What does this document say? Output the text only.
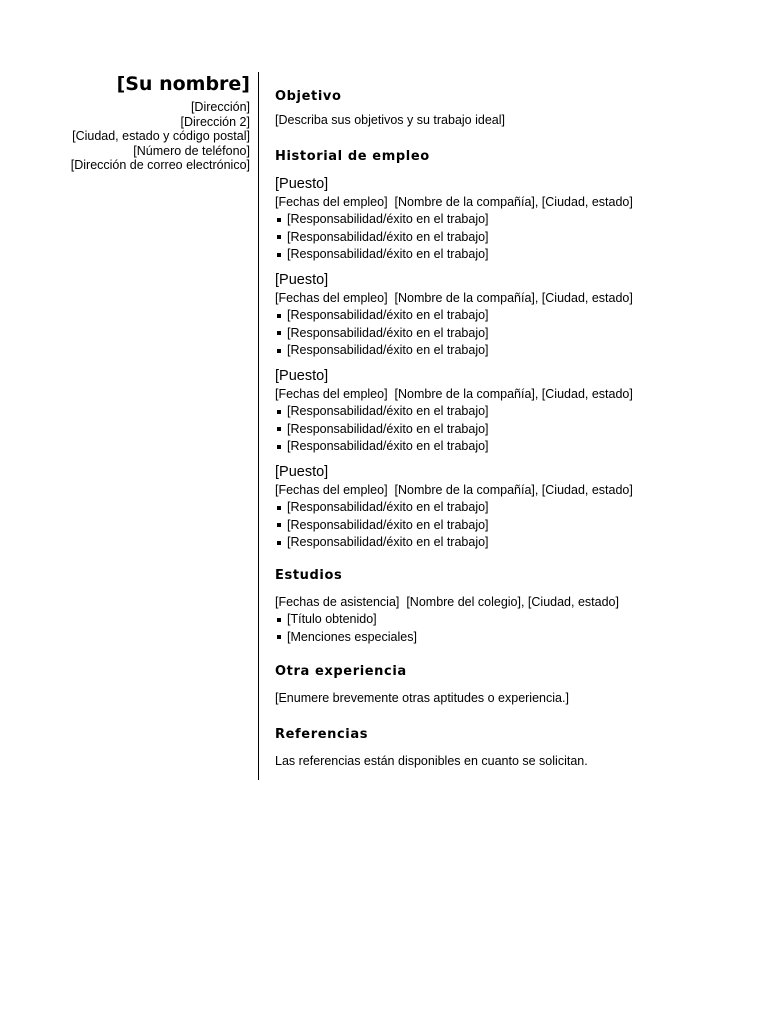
[Su nombre]
[Dirección]
[Dirección 2]
[Ciudad, estado y código postal]
[Número de teléfono]
[Dirección de correo electrónico]
Objetivo

[Describa sus objetivos y su trabajo ideal]

Historial de empleo

[Puesto]

[Fechas del empleo] [Nombre de la compañía], [Ciudad, estado]

[Responsabilidad/éxito en el trabajo]
[Responsabilidad/éxito en el trabajo]
[Responsabilidad/éxito en el trabajo]

[Puesto]

[Fechas del empleo] [Nombre de la compañía], [Ciudad, estado]

[Responsabilidad/éxito en el trabajo]
[Responsabilidad/éxito en el trabajo]
[Responsabilidad/éxito en el trabajo]

[Puesto]

[Fechas del empleo] [Nombre de la compañía], [Ciudad, estado]

[Responsabilidad/éxito en el trabajo]
[Responsabilidad/éxito en el trabajo]
[Responsabilidad/éxito en el trabajo]

[Puesto]

[Fechas del empleo] [Nombre de la compañía], [Ciudad, estado]

[Responsabilidad/éxito en el trabajo]
[Responsabilidad/éxito en el trabajo]
[Responsabilidad/éxito en el trabajo]
Estudios

[Fechas de asistencia] [Nombre del colegio], [Ciudad, estado]

[Título obtenido]
[Menciones especiales]
Otra experiencia

[Enumere brevemente otras aptitudes o experiencia.]

Referencias

Las referencias están disponibles en cuanto se solicitan.
